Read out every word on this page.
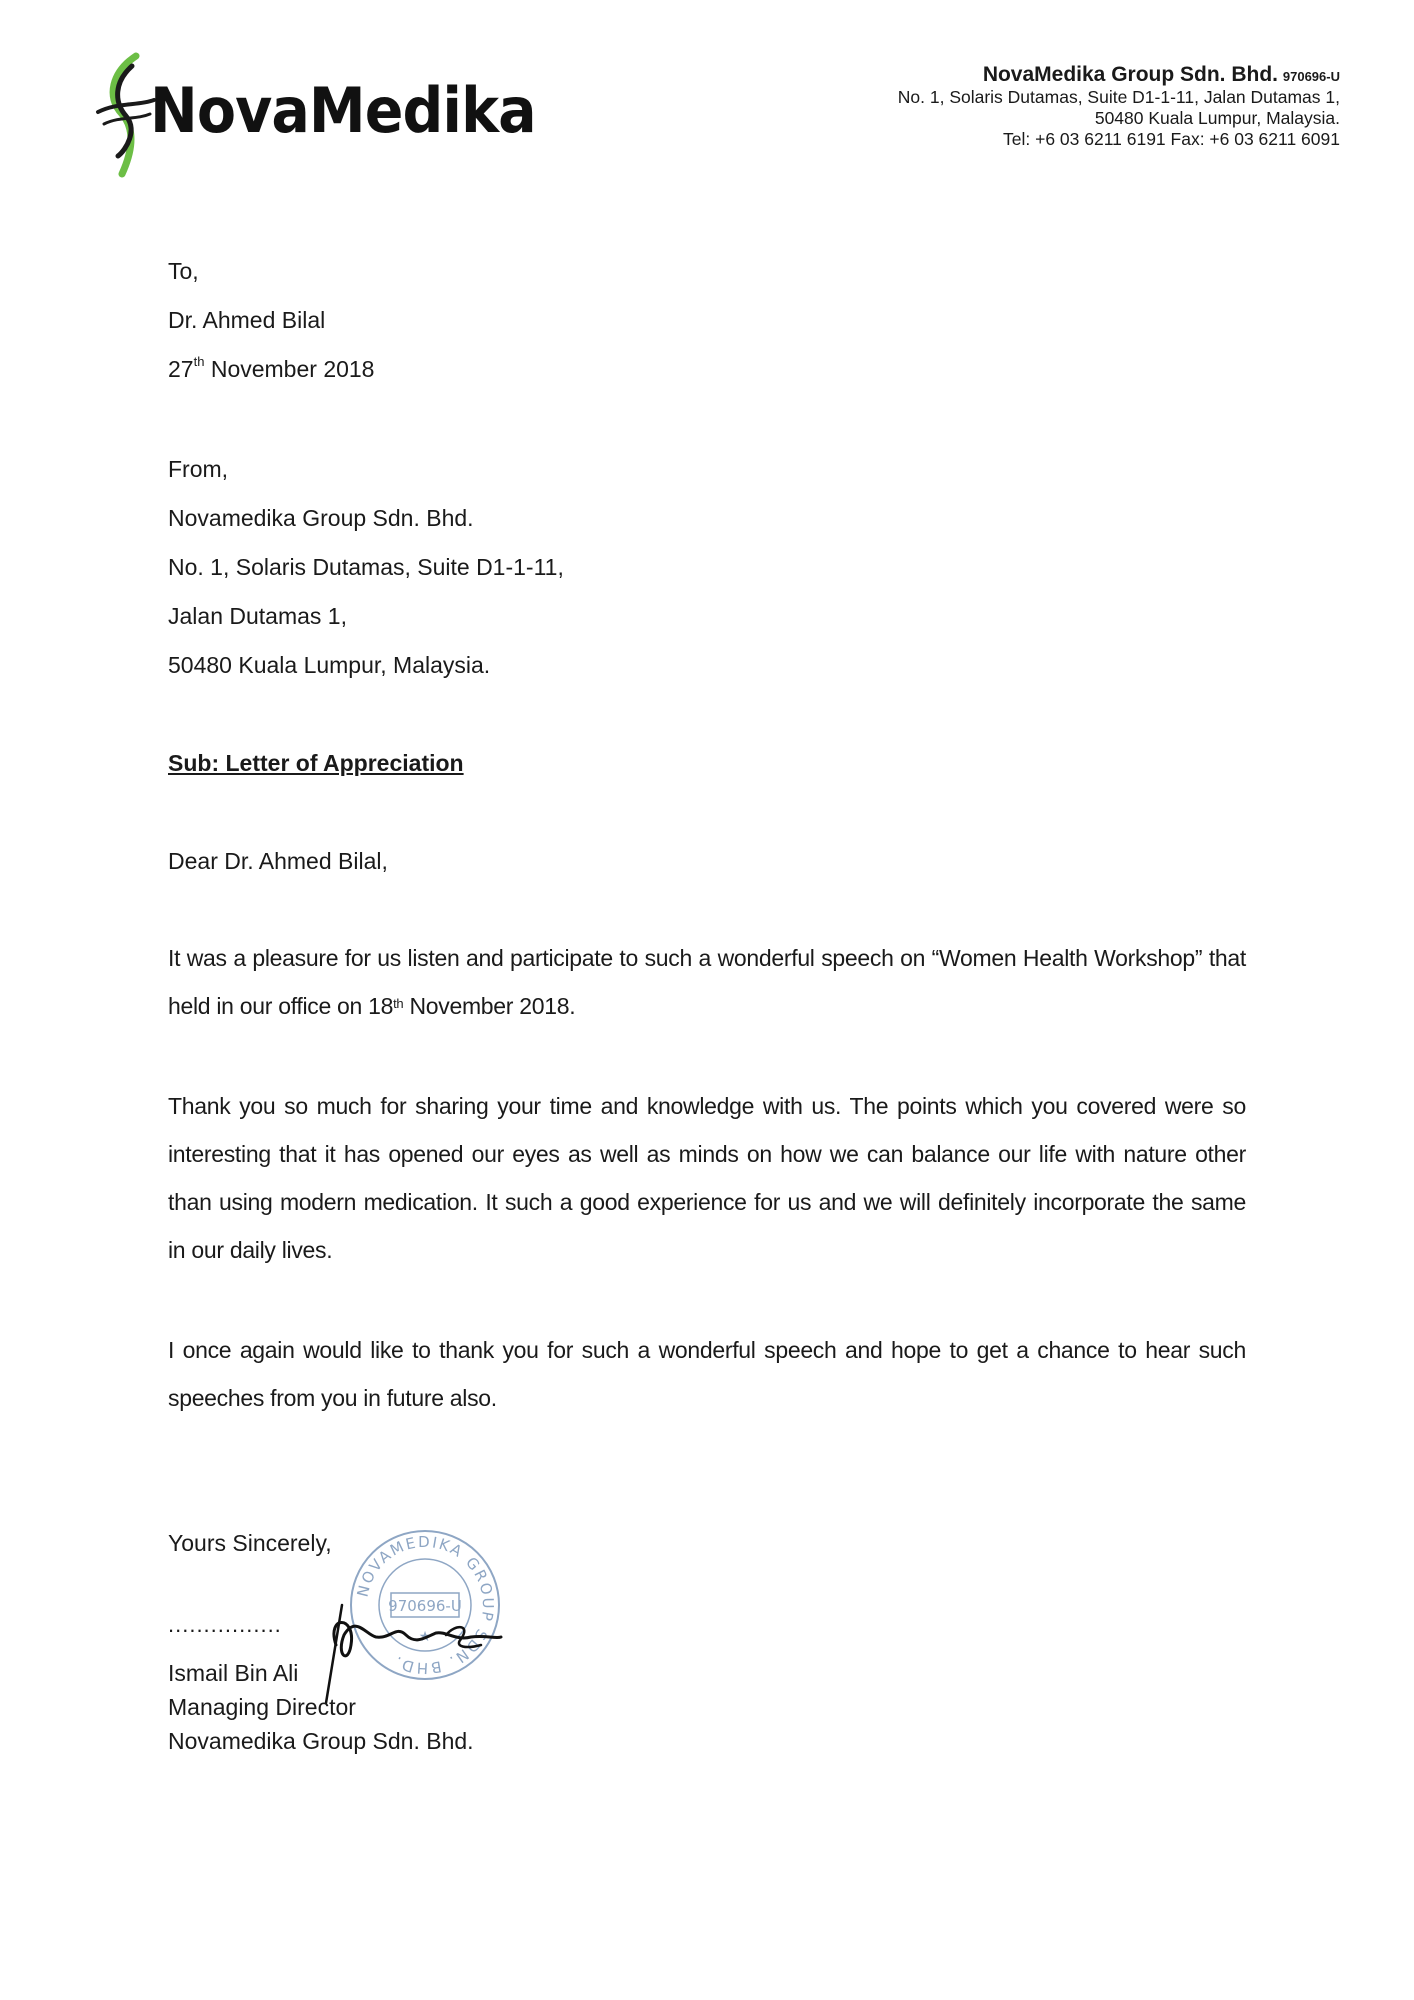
NovaMedika	NovaMedika Group Sdn. Bhd. 970696-U
No. 1, Solaris Dutamas, Suite D1-1-11, Jalan Dutamas 1,
50480 Kuala Lumpur, Malaysia.
Tel: +6 03 6211 6191 Fax: +6 03 6211 6091
To,
Dr. Ahmed Bilal
27th November 2018
From,
Novamedika Group Sdn. Bhd.
No. 1, Solaris Dutamas, Suite D1-1-11,
Jalan Dutamas 1,
50480 Kuala Lumpur, Malaysia.
Sub: Letter of Appreciation
Dear Dr. Ahmed Bilal,
It was a pleasure for us listen and participate to such a wonderful speech on “Women Health Workshop” that held in our office on 18th November 2018.
Thank you so much for sharing your time and knowledge with us. The points which you covered were so interesting that it has opened our eyes as well as minds on how we can balance our life with nature other than using modern medication. It such a good experience for us and we will definitely incorporate the same in our daily lives.
I once again would like to thank you for such a wonderful speech and hope to get a chance to hear such speeches from you in future also.
Yours Sincerely,
................
NOVAMEDIKA GROUP SDN. BHD.
970696-U
★
Ismail Bin Ali
Managing Director
Novamedika Group Sdn. Bhd.
